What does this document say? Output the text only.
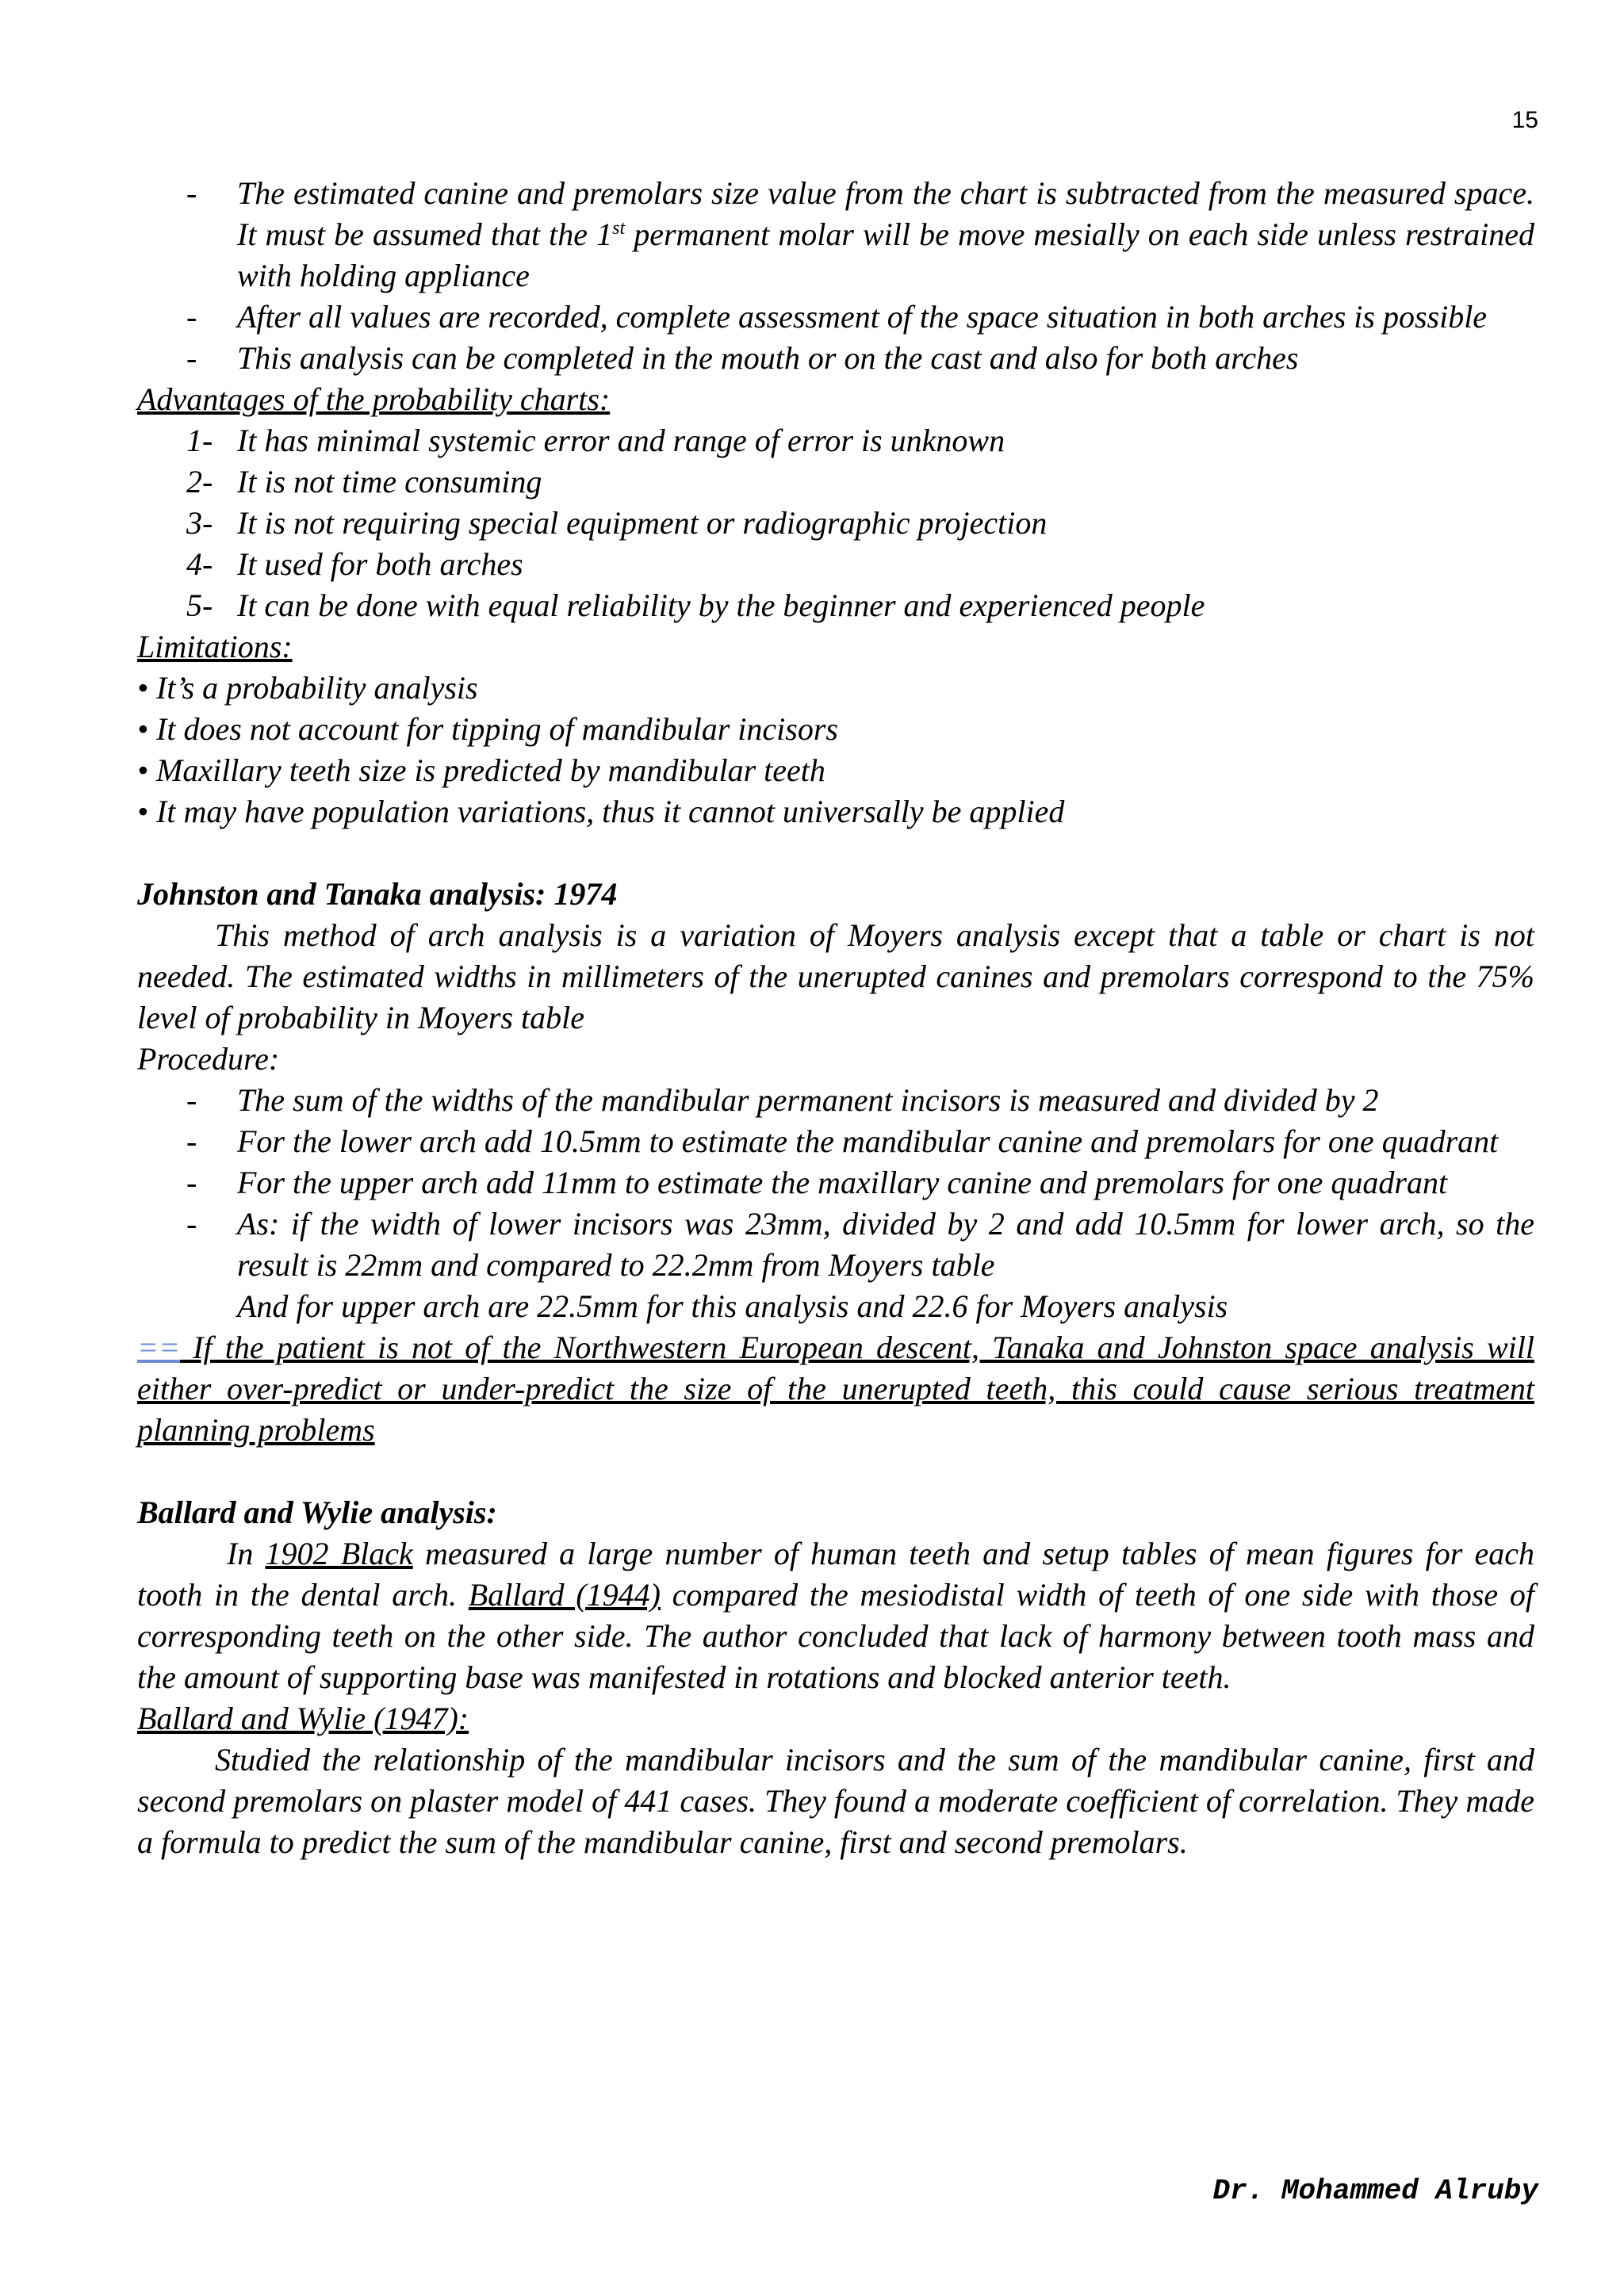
15
- The estimated canine and premolars size value from the chart is subtracted from the measured space. It must be assumed that the 1st permanent molar will be move mesially on each side unless restrained with holding appliance
- After all values are recorded, complete assessment of the space situation in both arches is possible
- This analysis can be completed in the mouth or on the cast and also for both arches
Advantages of the probability charts:
1- It has minimal systemic error and range of error is unknown
2- It is not time consuming
3- It is not requiring special equipment or radiographic projection
4- It used for both arches
5- It can be done with equal reliability by the beginner and experienced people
Limitations:
• It’s a probability analysis
• It does not account for tipping of mandibular incisors
• Maxillary teeth size is predicted by mandibular teeth
• It may have population variations, thus it cannot universally be applied
Johnston and Tanaka analysis: 1974
This method of arch analysis is a variation of Moyers analysis except that a table or chart is not needed. The estimated widths in millimeters of the unerupted canines and premolars correspond to the 75% level of probability in Moyers table
Procedure:
- The sum of the widths of the mandibular permanent incisors is measured and divided by 2
- For the lower arch add 10.5mm to estimate the mandibular canine and premolars for one quadrant
- For the upper arch add 11mm to estimate the maxillary canine and premolars for one quadrant
- As: if the width of lower incisors was 23mm, divided by 2 and add 10.5mm for lower arch, so the result is 22mm and compared to 22.2mm from Moyers table
And for upper arch are 22.5mm for this analysis and 22.6 for Moyers analysis
== If the patient is not of the Northwestern European descent, Tanaka and Johnston space analysis will either over-predict or under-predict the size of the unerupted teeth, this could cause serious treatment planning problems
Ballard and Wylie analysis:
In 1902 Black measured a large number of human teeth and setup tables of mean figures for each tooth in the dental arch. Ballard (1944) compared the mesiodistal width of teeth of one side with those of corresponding teeth on the other side. The author concluded that lack of harmony between tooth mass and the amount of supporting base was manifested in rotations and blocked anterior teeth.
Ballard and Wylie (1947):
Studied the relationship of the mandibular incisors and the sum of the mandibular canine, first and second premolars on plaster model of 441 cases. They found a moderate coefficient of correlation. They made a formula to predict the sum of the mandibular canine, first and second premolars.
Dr. Mohammed Alruby
